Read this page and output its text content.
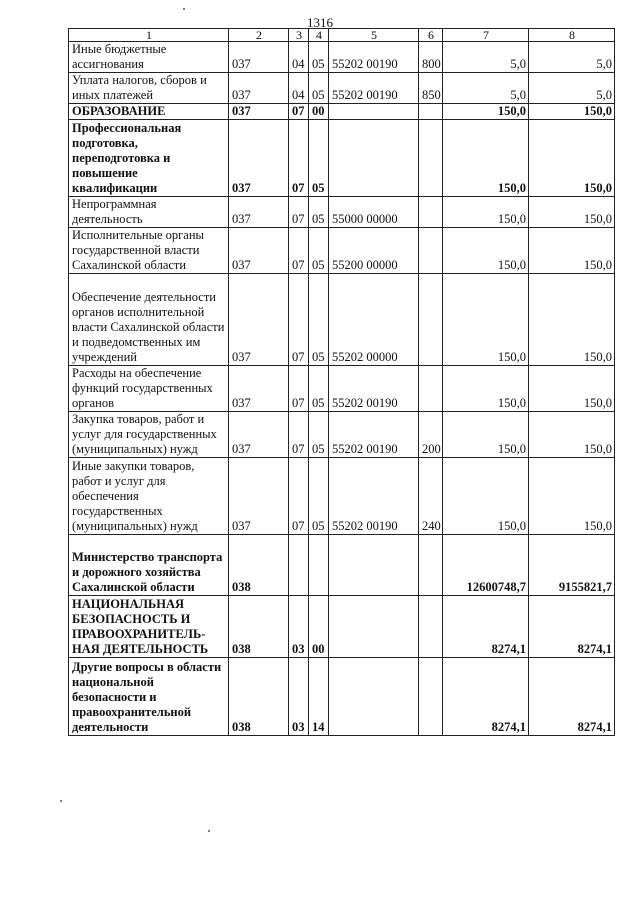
1316
1	2	3	4	5	6	7	8
Иные бюджетные ассигнования	037	04	05	55202 00190	800	5,0	5,0
Уплата налогов, сборов и иных платежей	037	04	05	55202 00190	850	5,0	5,0
ОБРАЗОВАНИЕ	037	07	00			150,0	150,0
Профессиональная подготовка, переподготовка и повышение квалификации	037	07	05			150,0	150,0
Непрограммная деятельность	037	07	05	55000 00000		150,0	150,0
Исполнительные органы государственной власти Сахалинской области	037	07	05	55200 00000		150,0	150,0
Обеспечение деятельности органов исполнительной власти Сахалинской области и подведомственных им учреждений	037	07	05	55202 00000		150,0	150,0
Расходы на обеспечение функций государственных органов	037	07	05	55202 00190		150,0	150,0
Закупка товаров, работ и услуг для государственных (муниципальных) нужд	037	07	05	55202 00190	200	150,0	150,0
Иные закупки товаров, работ и услуг для обеспечения государственных (муниципальных) нужд	037	07	05	55202 00190	240	150,0	150,0
Министерство транспорта и дорожного хозяйства Сахалинской области	038					12600748,7	9155821,7
НАЦИОНАЛЬНАЯ БЕЗОПАСНОСТЬ И ПРАВООХРАНИТЕЛЬ-НАЯ ДЕЯТЕЛЬНОСТЬ	038	03	00			8274,1	8274,1
Другие вопросы в области национальной безопасности и правоохранительной деятельности	038	03	14			8274,1	8274,1
